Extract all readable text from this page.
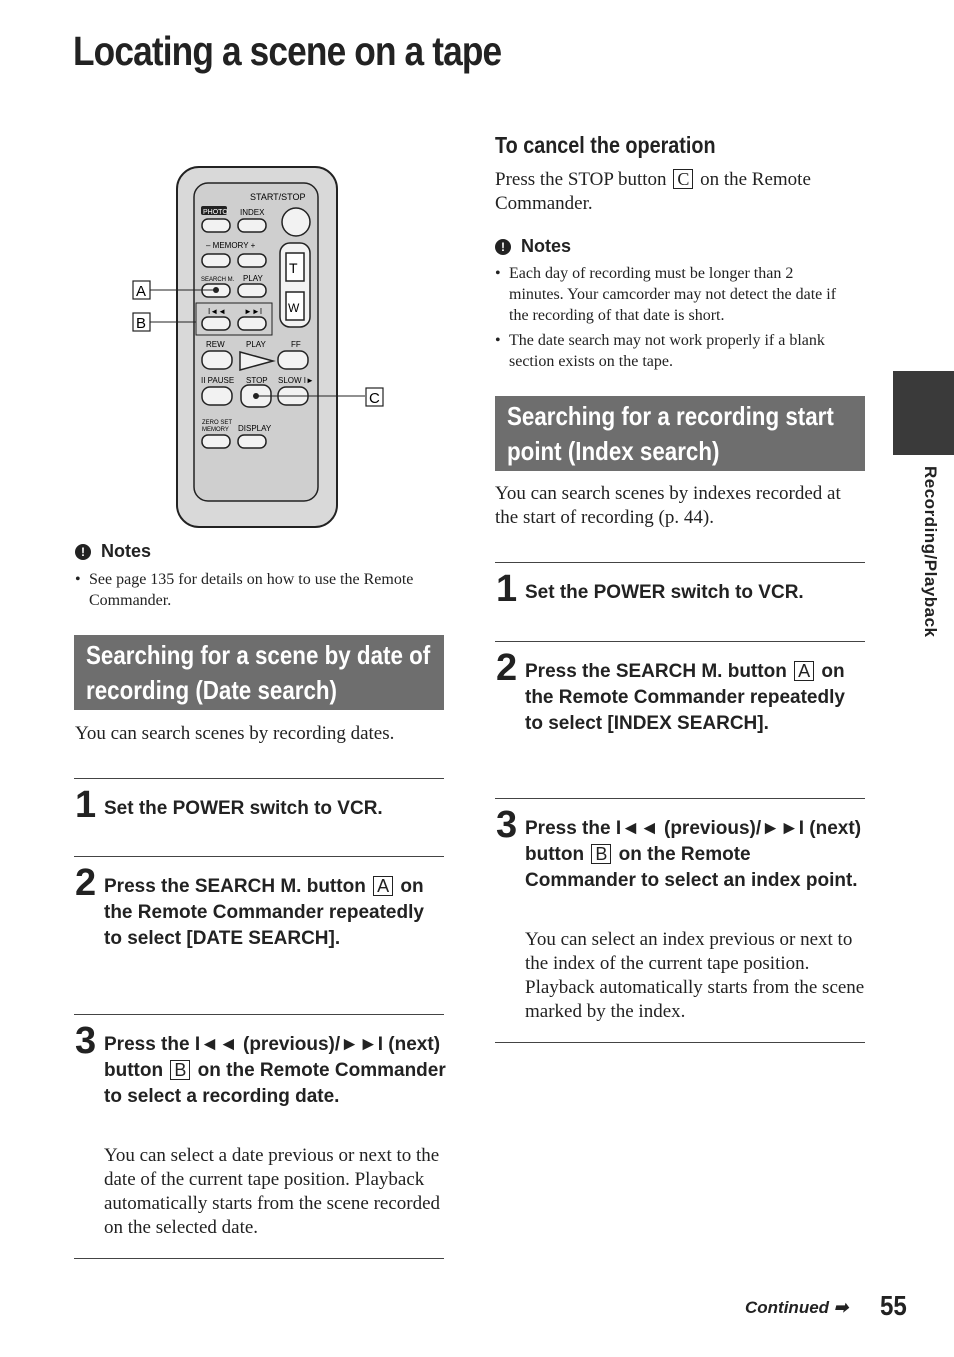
Locating a scene on a tape
START/STOP
PHOTO INDEX
– MEMORY +
T
W
SEARCH M. PLAY
I◄◄ ►►I
REW	PLAY	FF
II PAUSE STOP SLOW I►
ZERO SET
MEMORY DISPLAY
A
B
C
! Notes
• See page 135 for details on how to use the Remote Commander.
Searching for a scene by date of
recording (Date search)
You can search scenes by recording dates.
1 Set the POWER switch to VCR.
2 Press the SEARCH M. button A on the Remote Commander repeatedly to select [DATE SEARCH].
3 Press the I◄◄ (previous)/►►I (next) button B on the Remote Commander to select a recording date.
You can select a date previous or next to the date of the current tape position. Playback automatically starts from the scene recorded on the selected date.
To cancel the operation
Press the STOP button C on the Remote Commander.
! Notes
• Each day of recording must be longer than 2 minutes. Your camcorder may not detect the date if the recording of that date is short.
• The date search may not work properly if a blank section exists on the tape.
Searching for a recording start
point (Index search)
You can search scenes by indexes recorded at the start of recording (p. 44).
1 Set the POWER switch to VCR.
2 Press the SEARCH M. button A on the Remote Commander repeatedly to select [INDEX SEARCH].
3 Press the I◄◄ (previous)/►►I (next) button B on the Remote Commander to select an index point.
You can select an index previous or next to the index of the current tape position. Playback automatically starts from the scene marked by the index.
Recording/Playback
Continued ➡ 55
